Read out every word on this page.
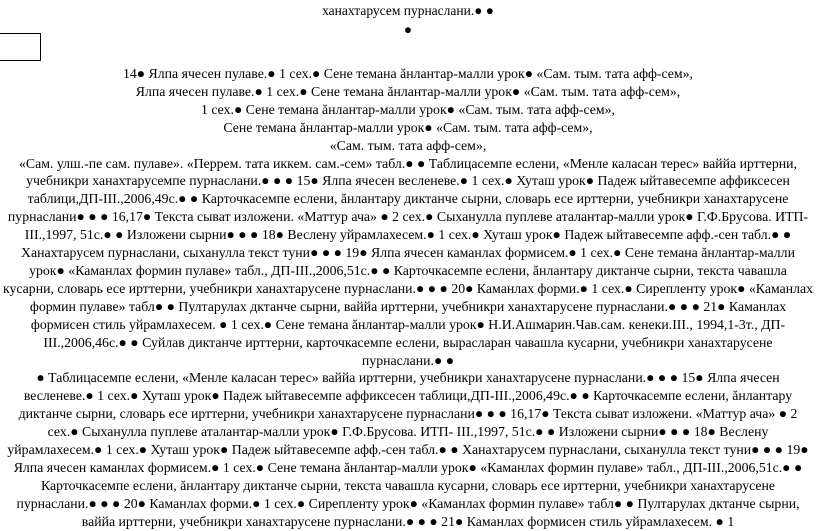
ханахтарусем пурнаслани.● ●
●

14● Ялпа ячесен пулаве.● 1 сех.● Сене темана ăнлантар-малли урок● «Сам. тым. тата афф-сем»,

Ялпа ячесен пулаве.● 1 сех.● Сене темана ăнлантар-малли урок● «Сам. тым. тата афф-сем»,

1 сех.● Сене темана ăнлантар-малли урок● «Сам. тым. тата афф-сем»,

Сене темана ăнлантар-малли урок● «Сам. тым. тата афф-сем»,

«Сам. тым. тата афф-сем»,

«Сам. улш.-пе сам. пулаве». «Перрем. тата иккем. сам.-сем» табл.● ● Таблицасемпе еслени, «Менле каласан терес» ваййа ирттерни, учебникри ханахтарусемпе пурнаслани.● ● ● 15● Ялпа ячесен весленеве.● 1 сех.● Хуташ урок● Падеж ыйтавесемпе аффиксесен таблици,ДП-III.,2006,49с.● ● Карточкасемпе еслени, ăнлантару диктанче сырни, словарь есе ирттерни, учебникри ханахтарусене пурнаслани● ● ● 16,17● Текста сыват изложени. «Маттур ача» ● 2 сех.● Сыханулла пуплеве аталантар-малли урок● Г.Ф.Брусова. ИТП- III.,1997, 51с.● ● Изложени сырни● ● ● 18● Веслену уйрамлахесем.● 1 сех.● Хуташ урок● Падеж ыйтавесемпе афф.-сен табл.● ● Ханахтарусем пурнаслани, сыханулла текст туни● ● ● 19● Ялпа ячесен каманлах формисем.● 1 сех.● Сене темана ăнлантар-малли урок● «Каманлах формин пулаве» табл., ДП-III.,2006,51с.● ● Карточкасемпе еслени, ăнлантару диктанче сырни, текста чавашла кусарни, словарь есе ирттерни, учебникри ханахтарусене пурнаслани.● ● ● 20● Каманлах форми.● 1 сех.● Сирепленту урок● «Каманлах формин пулаве» табл● ● Пултарулах дктанче сырни, ваййа ирттерни, учебникри ханахтарусене пурнаслани.● ● ● 21● Каманлах формисен стиль уйрамлахесем. ● 1 сех.● Сене темана ăнлантар-малли урок● Н.И.Ашмарин.Чав.сам. кенеки.III., 1994,1-3т., ДП-III.,2006,46с.● ● Суйлав диктанче ирттерни, карточкасемпе еслени, выраслаpан чавашла кусарни, учебникри ханахтарусене пурнаслани.● ●

● Таблицасемпе еслени, «Менле каласан терес» ваййа ирттерни, учебникри ханахтарусене пурнаслани.● ● ● 15● Ялпа ячесен весленеве.● 1 сех.● Хуташ урок● Падеж ыйтавесемпе аффиксесен таблици,ДП-III.,2006,49с.● ● Карточкасемпе еслени, ăнлантару диктанче сырни, словарь есе ирттерни, учебникри ханахтарусене пурнаслани● ● ● 16,17● Текста сыват изложени. «Маттур ача» ● 2 сех.● Сыханулла пуплеве аталантар-малли урок● Г.Ф.Брусова. ИТП- III.,1997, 51с.● ● Изложени сырни● ● ● 18● Веслену уйрамлахесем.● 1 сех.● Хуташ урок● Падеж ыйтавесемпе афф.-сен табл.● ● Ханахтарусем пурнаслани, сыханулла текст туни● ● ● 19● Ялпа ячесен каманлах формисем.● 1 сех.● Сене темана ăнлантар-малли урок● «Каманлах формин пулаве» табл., ДП-III.,2006,51с.● ● Карточкасемпе еслени, ăнлантару диктанче сырни, текста чавашла кусарни, словарь есе ирттерни, учебникри ханахтарусене пурнаслани.● ● ● 20● Каманлах форми.● 1 сех.● Сирепленту урок● «Каманлах формин пулаве» табл● ● Пултарулах дктанче сырни, ваййа ирттерни, учебникри ханахтарусене пурнаслани.● ● ● 21● Каманлах формисен стиль уйрамлахесем. ● 1
